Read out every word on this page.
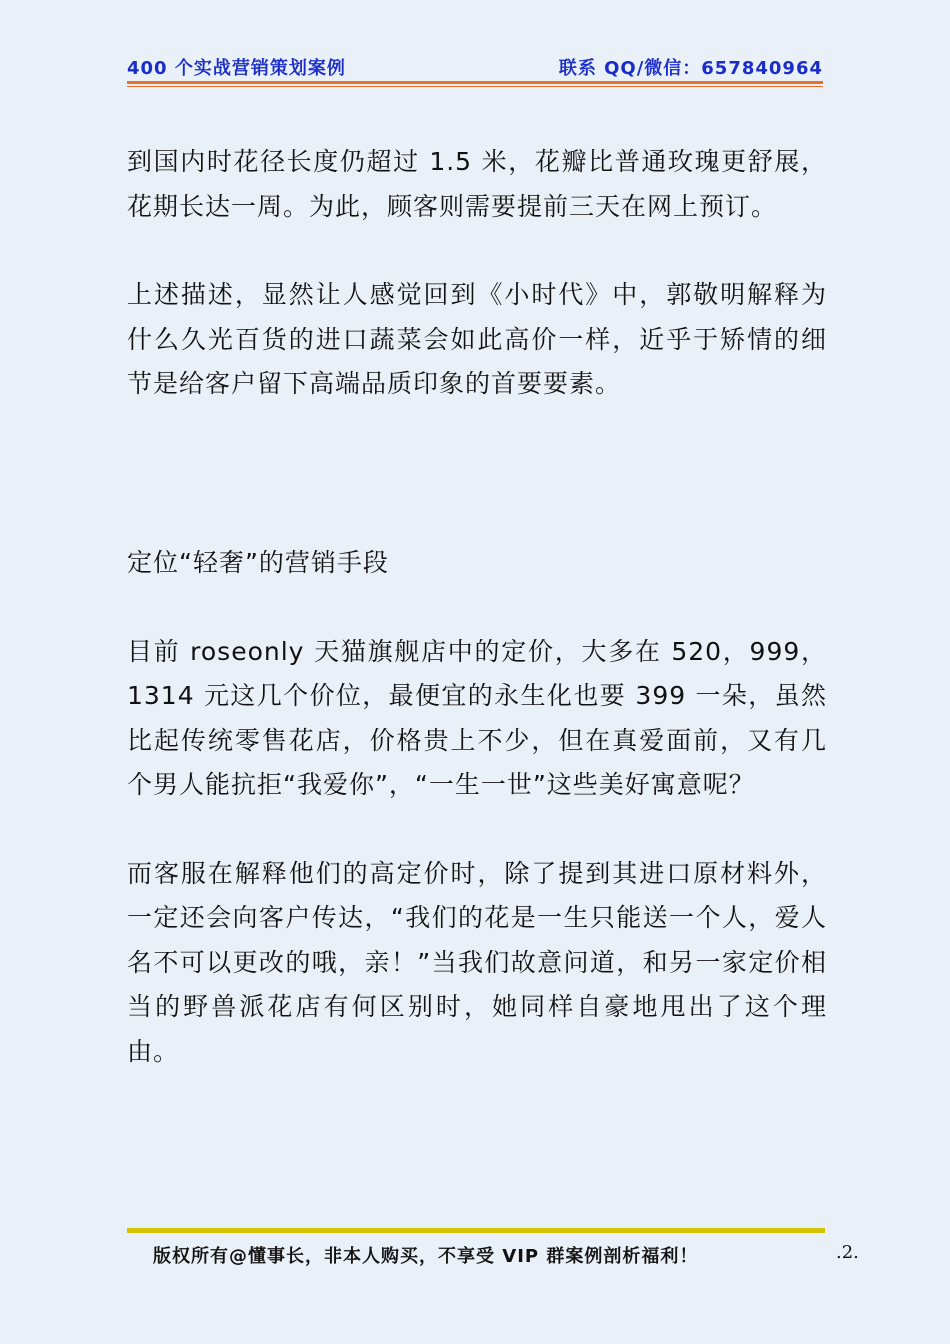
400 个实战营销策划案例	联系 QQ/微信：657840964

到国内时花径长度仍超过 1.5 米，花瓣比普通玫瑰更舒展，花期长达一周。为此，顾客则需要提前三天在网上预订。

上述描述，显然让人感觉回到《小时代》中，郭敬明解释为什么久光百货的进口蔬菜会如此高价一样，近乎于矫情的细节是给客户留下高端品质印象的首要要素。

定位“轻奢”的营销手段

目前 roseonly 天猫旗舰店中的定价，大多在 520，999，1314 元这几个价位，最便宜的永生化也要 399 一朵，虽然比起传统零售花店，价格贵上不少，但在真爱面前，又有几个男人能抗拒“我爱你”，“一生一世”这些美好寓意呢？

而客服在解释他们的高定价时，除了提到其进口原材料外，一定还会向客户传达，“我们的花是一生只能送一个人，爱人名不可以更改的哦，亲！”当我们故意问道，和另一家定价相当的野兽派花店有何区别时，她同样自豪地甩出了这个理由。

版权所有@懂事长，非本人购买，不享受 VIP 群案例剖析福利！	.2.
